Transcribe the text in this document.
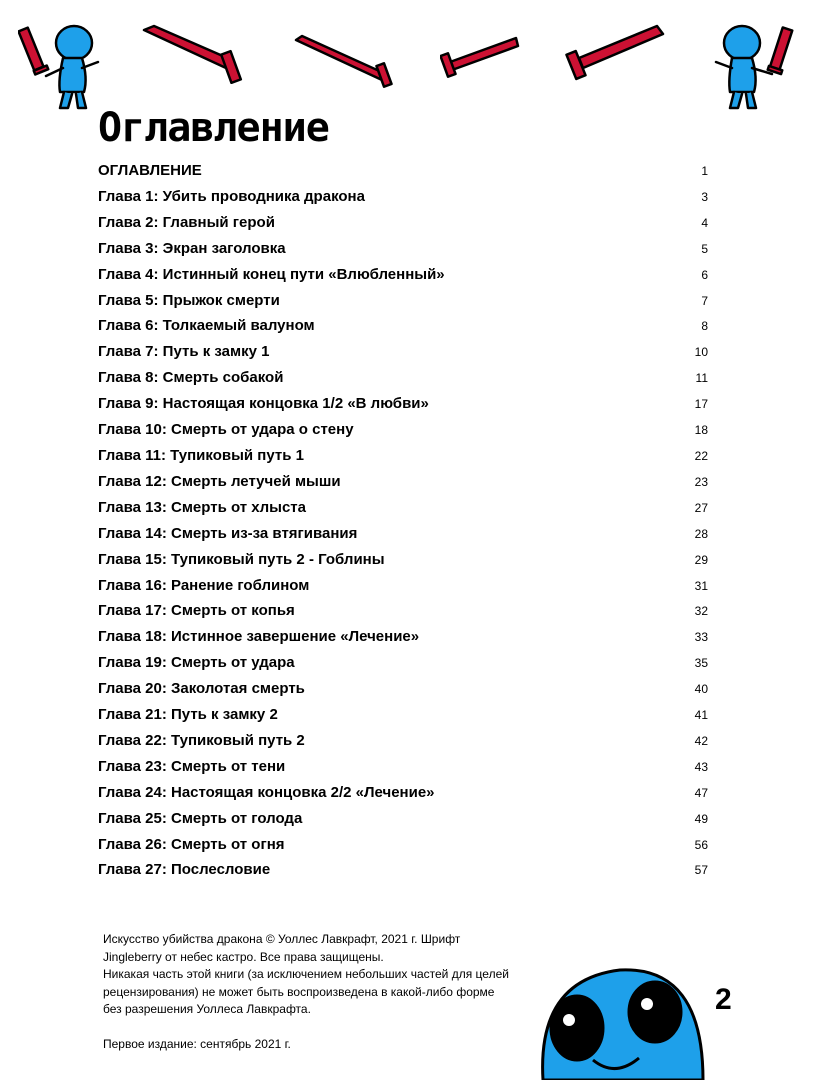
Оглавление
ОГЛАВЛЕНИЕ	1
Глава 1: Убить проводника дракона	3
Глава 2: Главный герой	4
Глава 3: Экран заголовка	5
Глава 4: Истинный конец пути «Влюбленный»	6
Глава 5: Прыжок смерти	7
Глава 6: Толкаемый валуном	8
Глава 7: Путь к замку 1	10
Глава 8: Смерть собакой	11
Глава 9: Настоящая концовка 1/2 «В любви»	17
Глава 10: Смерть от удара о стену	18
Глава 11: Тупиковый путь 1	22
Глава 12: Смерть летучей мыши	23
Глава 13: Смерть от хлыста	27
Глава 14: Смерть из-за втягивания	28
Глава 15: Тупиковый путь 2 - Гоблины	29
Глава 16: Ранение гоблином	31
Глава 17: Смерть от копья	32
Глава 18: Истинное завершение «Лечение»	33
Глава 19: Смерть от удара	35
Глава 20: Заколотая смерть	40
Глава 21: Путь к замку 2	41
Глава 22: Тупиковый путь 2	42
Глава 23: Смерть от тени	43
Глава 24: Настоящая концовка 2/2 «Лечение»	47
Глава 25: Смерть от голода	49
Глава 26: Смерть от огня	56
Глава 27: Послесловие	57

Искусство убийства дракона © Уоллес Лавкрафт, 2021 г. Шрифт

Jingleberry от небес кастро. Все права защищены.

Никакая часть этой книги (за исключением небольших частей для целей

рецензирования) не может быть воспроизведена в какой-либо форме

без разрешения Уоллеса Лавкрафта.

Первое издание: сентябрь 2021 г.

2
